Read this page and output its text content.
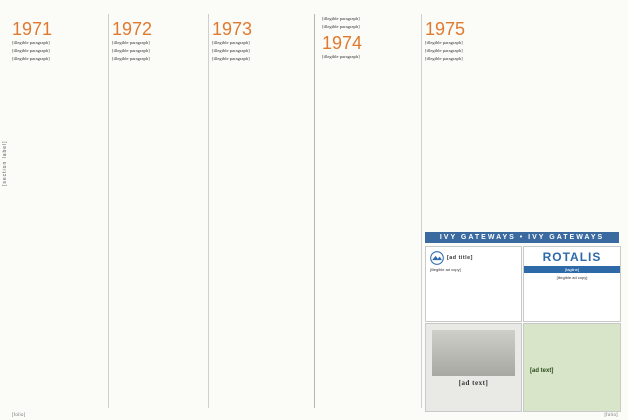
[section label]
1971

[illegible paragraph]

[illegible paragraph]

[illegible paragraph]

1972

[illegible paragraph]

[illegible paragraph]

[illegible paragraph]

1973

[illegible paragraph]

[illegible paragraph]

[illegible paragraph]

[folio]

[illegible paragraph]

[illegible paragraph]

1974

[illegible paragraph]

1975

[illegible paragraph]

[illegible paragraph]

[illegible paragraph]

IVY GATEWAYS • IVY GATEWAYS
[ad title]
[illegible ad copy]
ROTALIS
[tagline]
[illegible ad copy]
[ad text]
[ad text]
[folio]
